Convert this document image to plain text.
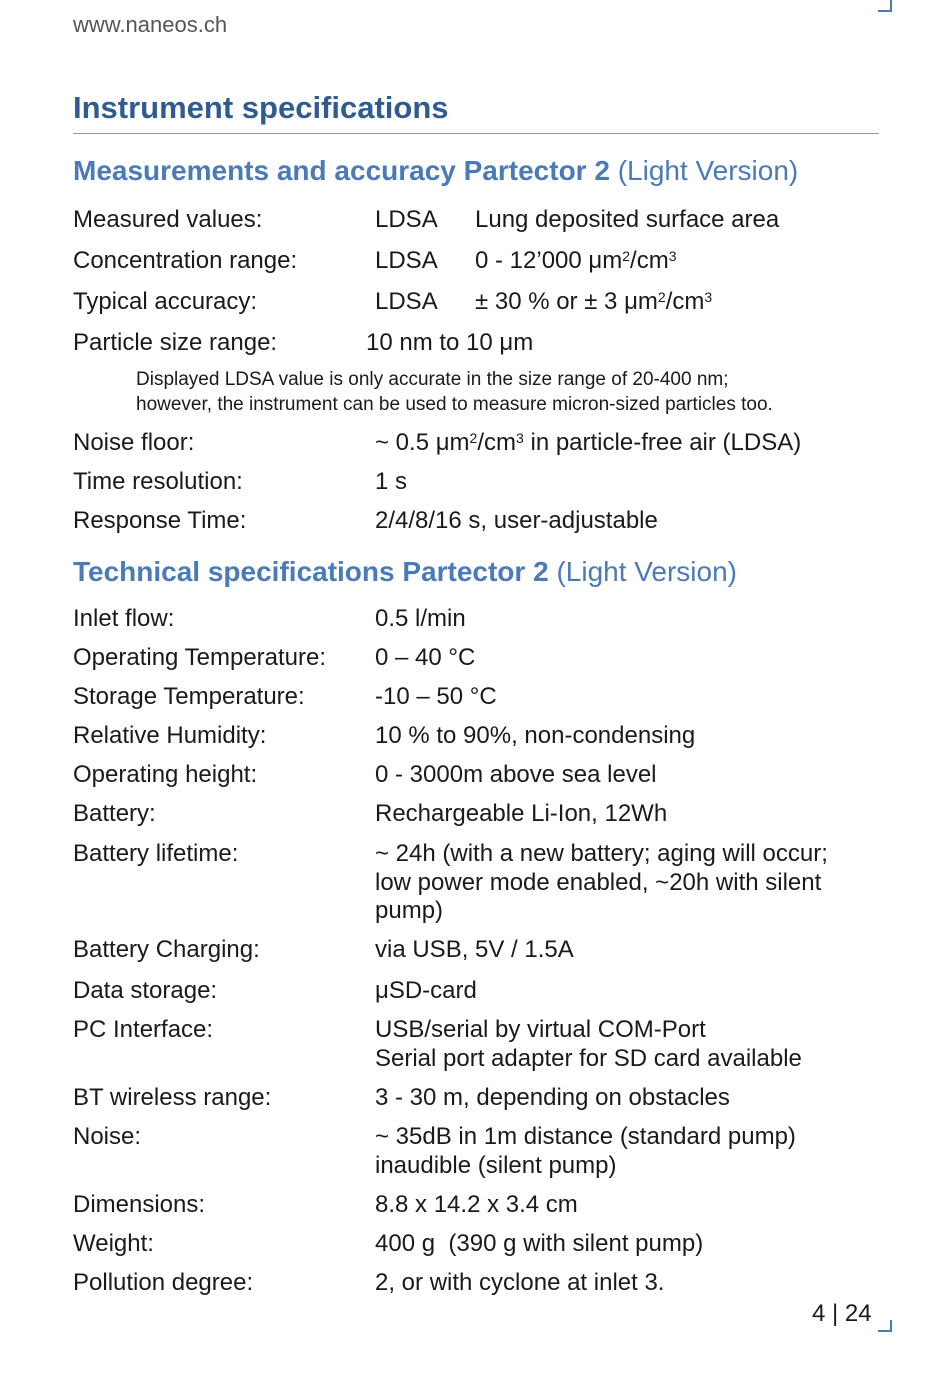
www.naneos.ch
Instrument specifications
Measurements and accuracy Partector 2 (Light Version)
Measured values:	LDSA Lung deposited surface area
Concentration range:	LDSA 0 - 12’000 $\mu m^2/cm^3$
Typical accuracy:	LDSA ± 30 % or ± 3 $\mu m^2/cm^3$
Particle size range:	10 nm to 10 μm
Displayed LDSA value is only accurate in the size range of 20-400 nm;
however, the instrument can be used to measure micron-sized particles too.
Noise floor:	~ 0.5 $\mu m^2/cm^3$ in particle-free air (LDSA)
Time resolution:	1 s
Response Time:	2/4/8/16 s, user-adjustable
Technical specifications Partector 2 (Light Version)
Inlet flow:	0.5 l/min
Operating Temperature: 0 – 40 °C
Storage Temperature:	-10 – 50 °C
Relative Humidity:	10 % to 90%, non-condensing
Operating height:	0 - 3000m above sea level
Battery:	Rechargeable Li-Ion, 12Wh
Battery lifetime:	~ 24h (with a new battery; aging will occur;
low power mode enabled, ~20h with silent
pump)
Battery Charging:	via USB, 5V / 1.5A
Data storage:	μSD-card
PC Interface:	USB/serial by virtual COM-Port
Serial port adapter for SD card available
BT wireless range:	3 - 30 m, depending on obstacles
Noise:	~ 35dB in 1m distance (standard pump)
inaudible (silent pump)
Dimensions:	8.8 x 14.2 x 3.4 cm
Weight:	400 g  (390 g with silent pump)
Pollution degree:	2, or with cyclone at inlet 3.
4 | 24
